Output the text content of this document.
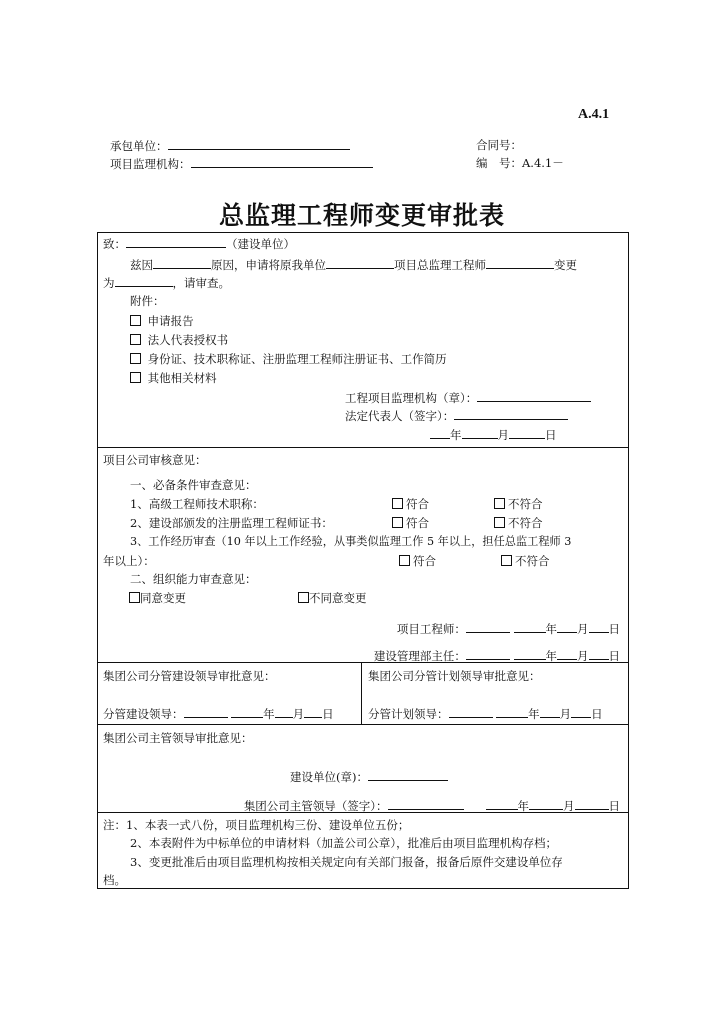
A.4.1
承包单位：
项目监理机构：
合同号：
编　号：A.4.1－
总监理工程师变更审批表
致：	（建设单位）
兹因	原因，申请将原我单位	项目总监理工程师	变更
为	，请审查。
附件：
申请报告
法人代表授权书
身份证、技术职称证、注册监理工程师注册证书、工作简历
其他相关材料
工程项目监理机构（章）：
法定代表人（签字）：
年	月	日
项目公司审核意见：
一、必备条件审查意见：
1、高级工程师技术职称：	符合	不符合
2、建设部颁发的注册监理工程师证书：	符合	不符合
3、工作经历审查（10 年以上工作经验，从事类似监理工作 5 年以上，担任总监工程师 3
年以上）：	符合	不符合
二、组织能力审查意见：
同意变更	不同意变更
项目工程师：	年 月 日
建设管理部主任：	年 月 日
集团公司分管建设领导审批意见：
分管建设领导：	年 月 日
集团公司分管计划领导审批意见：
分管计划领导：	年 月 日
集团公司主管领导审批意见：
建设单位(章)：
集团公司主管领导（签字）：	年	月	日
注：1、本表一式八份，项目监理机构三份、建设单位五份；
2、本表附件为中标单位的申请材料（加盖公司公章），批准后由项目监理机构存档；
3、变更批准后由项目监理机构按相关规定向有关部门报备，报备后原件交建设单位存
档。
